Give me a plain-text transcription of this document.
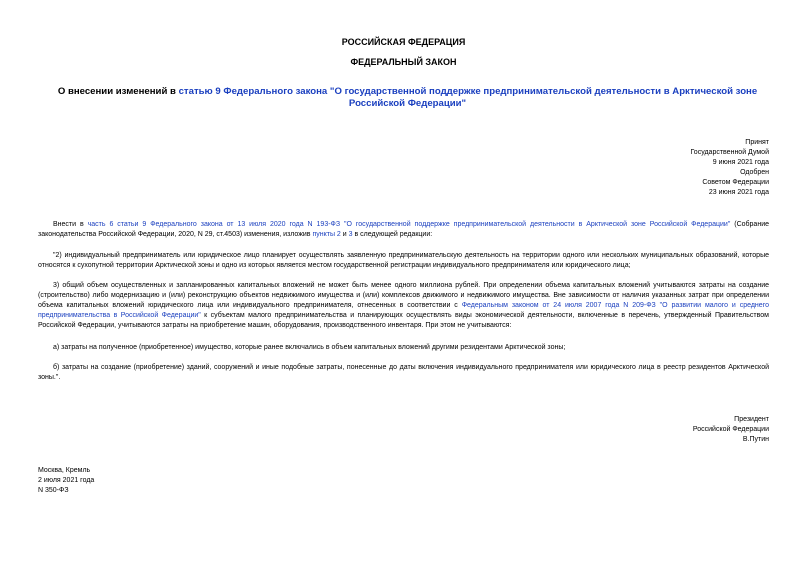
РОССИЙСКАЯ ФЕДЕРАЦИЯ
ФЕДЕРАЛЬНЫЙ ЗАКОН
О внесении изменений в статью 9 Федерального закона "О государственной поддержке предпринимательской деятельности в Арктической зоне Российской Федерации"
Принят
Государственной Думой
9 июня 2021 года
Одобрен
Советом Федерации
23 июня 2021 года
Внести в часть 6 статьи 9 Федерального закона от 13 июля 2020 года N 193-ФЗ "О государственной поддержке предпринимательской деятельности в Арктической зоне Российской Федерации" (Собрание законодательства Российской Федерации, 2020, N 29, ст.4503) изменения, изложив пункты 2 и 3 в следующей редакции:
"2) индивидуальный предприниматель или юридическое лицо планирует осуществлять заявленную предпринимательскую деятельность на территории одного или нескольких муниципальных образований, которые относятся к сухопутной территории Арктической зоны и одно из которых является местом государственной регистрации индивидуального предпринимателя или юридического лица;
3) общий объем осуществленных и запланированных капитальных вложений не может быть менее одного миллиона рублей. При определении объема капитальных вложений учитываются затраты на создание (строительство) либо модернизацию и (или) реконструкцию объектов недвижимого имущества и (или) комплексов движимого и недвижимого имущества. Вне зависимости от наличия указанных затрат при определении объема капитальных вложений юридического лица или индивидуального предпринимателя, отнесенных в соответствии с Федеральным законом от 24 июля 2007 года N 209-ФЗ "О развитии малого и среднего предпринимательства в Российской Федерации" к субъектам малого предпринимательства и планирующих осуществлять виды экономической деятельности, включенные в перечень, утвержденный Правительством Российской Федерации, учитываются затраты на приобретение машин, оборудования, производственного инвентаря. При этом не учитываются:
а) затраты на полученное (приобретенное) имущество, которые ранее включались в объем капитальных вложений другими резидентами Арктической зоны;
б) затраты на создание (приобретение) зданий, сооружений и иные подобные затраты, понесенные до даты включения индивидуального предпринимателя или юридического лица в реестр резидентов Арктической зоны.".
Президент
Российской Федерации
В.Путин
Москва, Кремль
2 июля 2021 года
N 350-ФЗ
